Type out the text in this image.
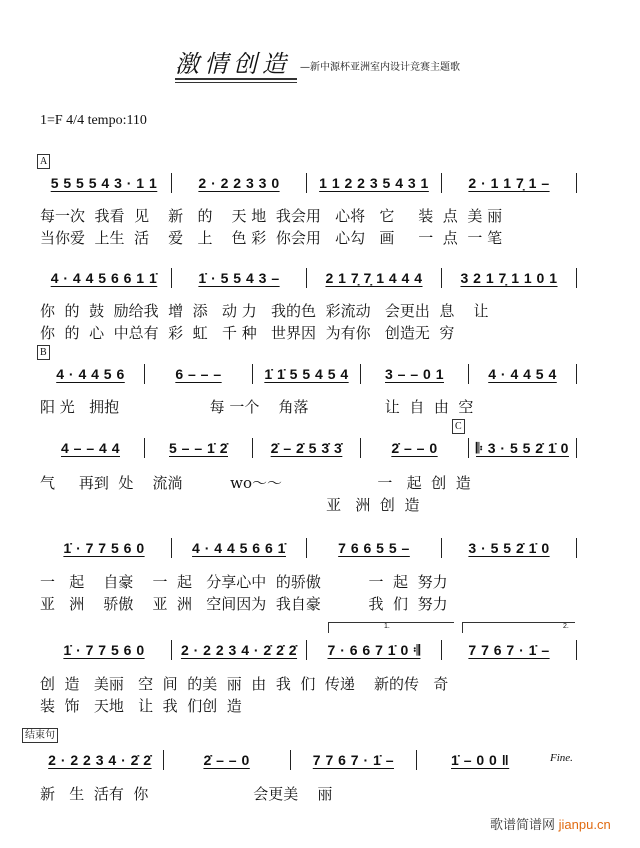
激情创造 —新中源杯亚洲室内设计竞赛主题歌
1=F 4/4 tempo:110
A
B
C
结束句
5 5 5 5 4 3 · 1 1	2 · 2 2 3 3 0	1 1 2 2 3 5 4 3 1	2 · 1 1 7̣ 1 –
每一次  我看  见    新   的    天 地  我会用   心将   它     装  点  美 丽
当你爱  上生  活    爱   上    色 彩  你会用   心勾   画     一  点  一 笔
4 · 4 4 5 6 6 1 1̇	1̇ · 5 5 4 3 –	2 1 7̣ 7̣ 1 4 4 4	3 2 1 7̣ 1 1 0 1
你  的  鼓  励给我  增  添   动 力   我的色  彩流动   会更出  息    让
你  的  心  中总有  彩  虹   千 种   世界因  为有你   创造无  穷
4 · 4 4 5 6	6 – – –	1̇ 1̇ 5 5 4 5 4	3 – – 0 1	4 · 4 4 5 4
阳 光   拥抱                   每 一个    角落                让  自  由  空
4 – – 4 4	5 – – 1̇ 2̇	2̇ – 2̇ 5 3̇ 3̇	2̇ – – 0	𝄆 3 · 5 5 2̇ 1̇ 0
气     再到  处    流淌          wo～～                    一   起  创  造
亚   洲  创  造
1̇ · 7 7 5 6 0	4 · 4 4 5 6 6 1̇	7 6 6 5 5 –	3 · 5 5 2̇ 1̇ 0
一   起    自豪    一  起   分享心中  的骄傲          一  起  努力
亚   洲    骄傲    亚  洲   空间因为  我自豪          我  们  努力
1̇ · 7 7 5 6 0	2 · 2 2 3 4 · 2̇ 2̇ 2̇	7 · 6 6 7 1̇ 0 𝄇	7 7 6 7 · 1̇ –
创  造   美丽   空  间  的美  丽  由  我  们  传递    新的传   奇
装  饰   天地   让  我  们创  造
2 · 2 2 3 4 · 2̇ 2̇	2̇ – – 0	7 7 6 7 · 1̇ –	1̇ – 0 0 ‖	Fine.
新   生  活有  你                      会更美    丽
1.	2.
歌谱简谱网 jianpu.cn
